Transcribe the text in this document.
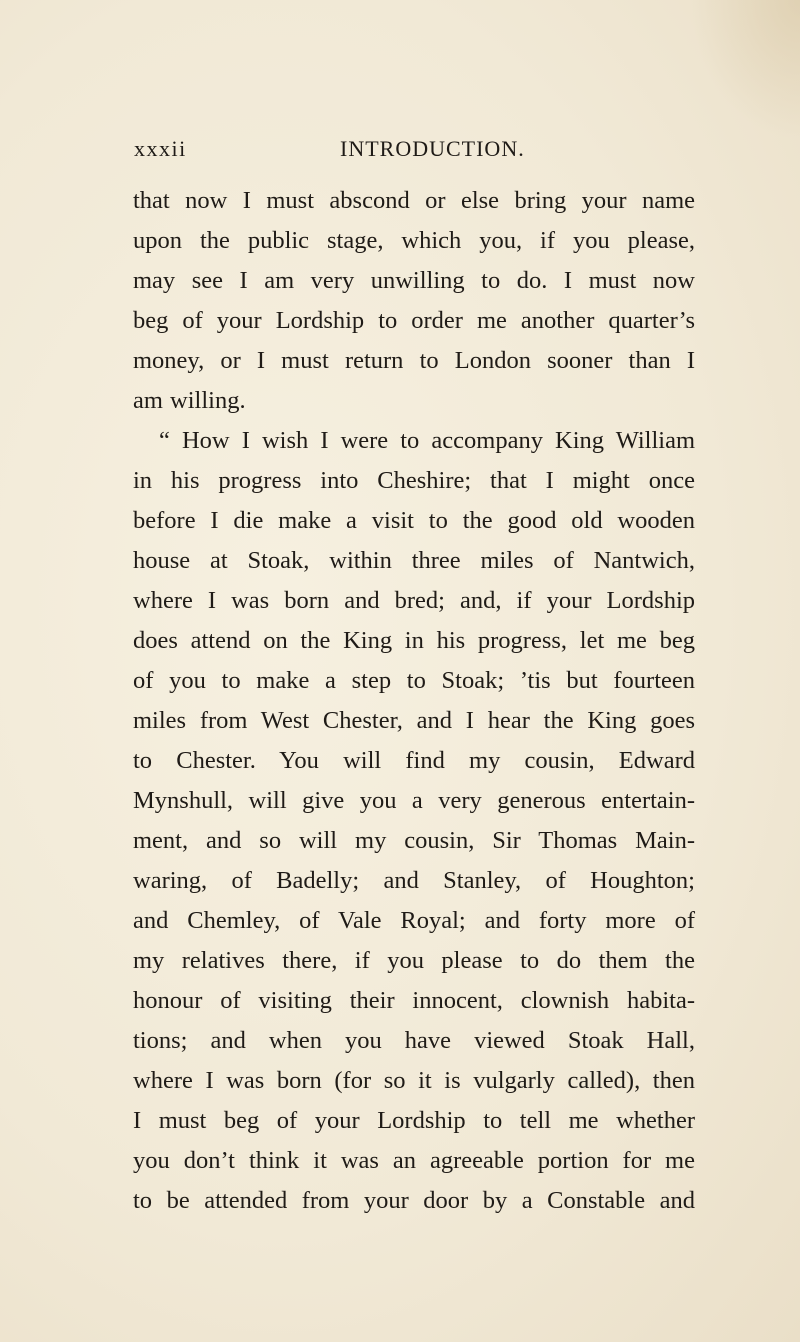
xxxii	INTRODUCTION.
that now I must abscond or else bring your name
upon the public stage, which you, if you please,
may see I am very unwilling to do. I must now
beg of your Lordship to order me another quarter’s
money, or I must return to London sooner than I
am willing.
“ How I wish I were to accompany King William
in his progress into Cheshire; that I might once
before I die make a visit to the good old wooden
house at Stoak, within three miles of Nantwich,
where I was born and bred; and, if your Lordship
does attend on the King in his progress, let me beg
of you to make a step to Stoak; ’tis but fourteen
miles from West Chester, and I hear the King goes
to Chester. You will find my cousin, Edward
Mynshull, will give you a very generous entertain-
ment, and so will my cousin, Sir Thomas Main-
waring, of Badelly; and Stanley, of Houghton;
and Chemley, of Vale Royal; and forty more of
my relatives there, if you please to do them the
honour of visiting their innocent, clownish habita-
tions; and when you have viewed Stoak Hall,
where I was born (for so it is vulgarly called), then
I must beg of your Lordship to tell me whether
you don’t think it was an agreeable portion for me
to be attended from your door by a Constable and
